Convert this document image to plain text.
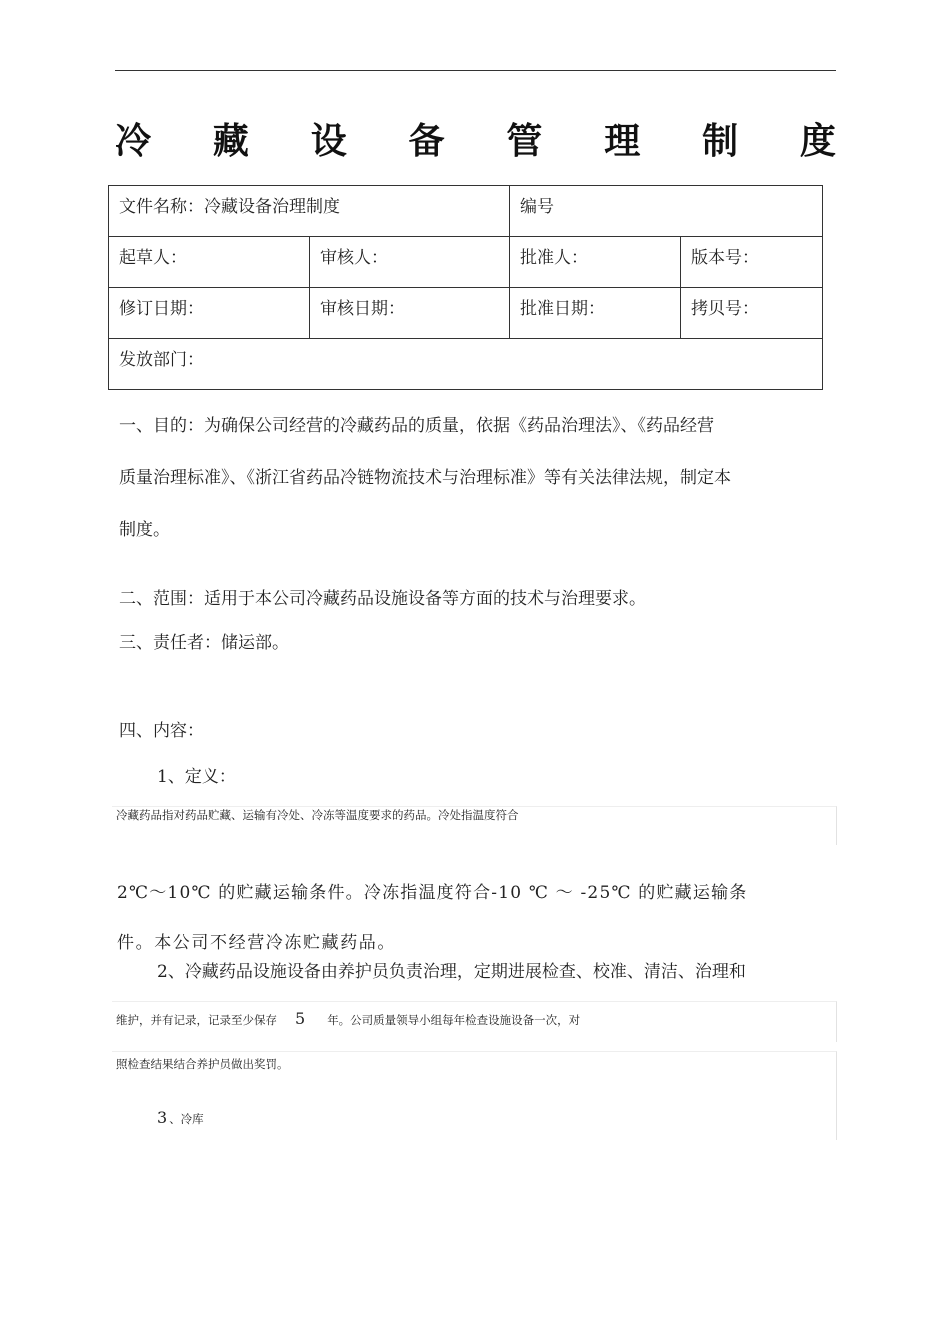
冷 藏 设 备 管 理 制 度
文件名称：冷藏设备治理制度		编号	
起草人：	审核人：	批准人：	版本号：
修订日期：	审核日期：	批准日期：	拷贝号：
发放部门：			
一、目的：为确保公司经营的冷藏药品的质量，依据《药品治理法》、《药品经营
质量治理标准》、《浙江省药品冷链物流技术与治理标准》等有关法律法规，制定本
制度。
二、范围：适用于本公司冷藏药品设施设备等方面的技术与治理要求。
三、责任者：储运部。
四、内容：
1、定义：
冷藏药品指对药品贮藏、运输有冷处、冷冻等温度要求的药品。冷处指温度符合
2℃～10℃ 的贮藏运输条件。冷冻指温度符合-10 ℃ ～ -25℃ 的贮藏运输条
件。本公司不经营冷冻贮藏药品。
2、冷藏药品设施设备由养护员负责治理，定期进展检查、校准、清洁、治理和
维护，并有记录，记录至少保存 5 年。公司质量领导小组每年检查设施设备一次，对
照检查结果结合养护员做出奖罚。
3 、冷库
